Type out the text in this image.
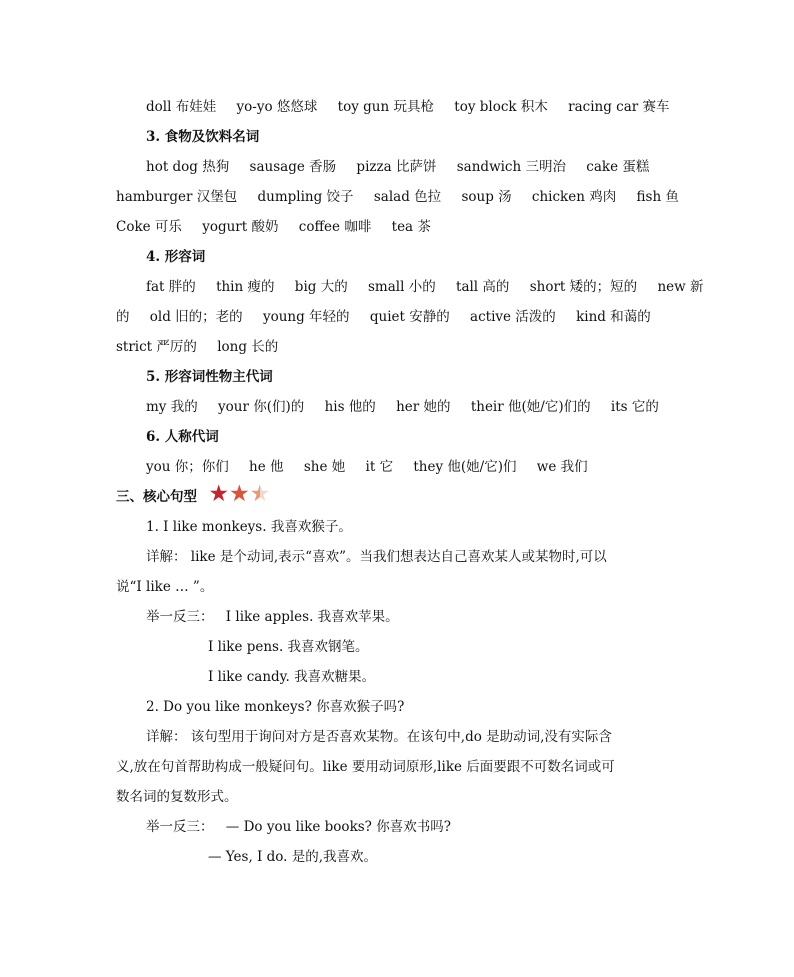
doll 布娃娃 yo-yo 悠悠球 toy gun 玩具枪 toy block 积木 racing car 赛车
3. 食物及饮料名词
hot dog 热狗 sausage 香肠 pizza 比萨饼 sandwich 三明治 cake 蛋糕
hamburger 汉堡包 dumpling 饺子 salad 色拉 soup 汤 chicken 鸡肉 fish 鱼
Coke 可乐 yogurt 酸奶 coffee 咖啡 tea 茶
4. 形容词
fat 胖的 thin 瘦的 big 大的 small 小的 tall 高的 short 矮的；短的 new 新
的 old 旧的；老的 young 年轻的 quiet 安静的 active 活泼的 kind 和蔼的
strict 严厉的 long 长的
5. 形容词性物主代词
my 我的 your 你(们)的 his 他的 her 她的 their 他(她/它)们的 its 它的
6. 人称代词
you 你；你们 he 他 she 她 it 它 they 他(她/它)们 we 我们
三、核心句型 ★ ★ ★
1. I like monkeys. 我喜欢猴子。
详解： like 是个动词,表示“喜欢”。当我们想表达自己喜欢某人或某物时,可以
说“I like … ”。
举一反三： I like apples. 我喜欢苹果。
I like pens. 我喜欢钢笔。
I like candy. 我喜欢糖果。
2. Do you like monkeys? 你喜欢猴子吗?
详解： 该句型用于询问对方是否喜欢某物。在该句中,do 是助动词,没有实际含
义,放在句首帮助构成一般疑问句。like 要用动词原形,like 后面要跟不可数名词或可
数名词的复数形式。
举一反三： — Do you like books? 你喜欢书吗?
— Yes, I do. 是的,我喜欢。
